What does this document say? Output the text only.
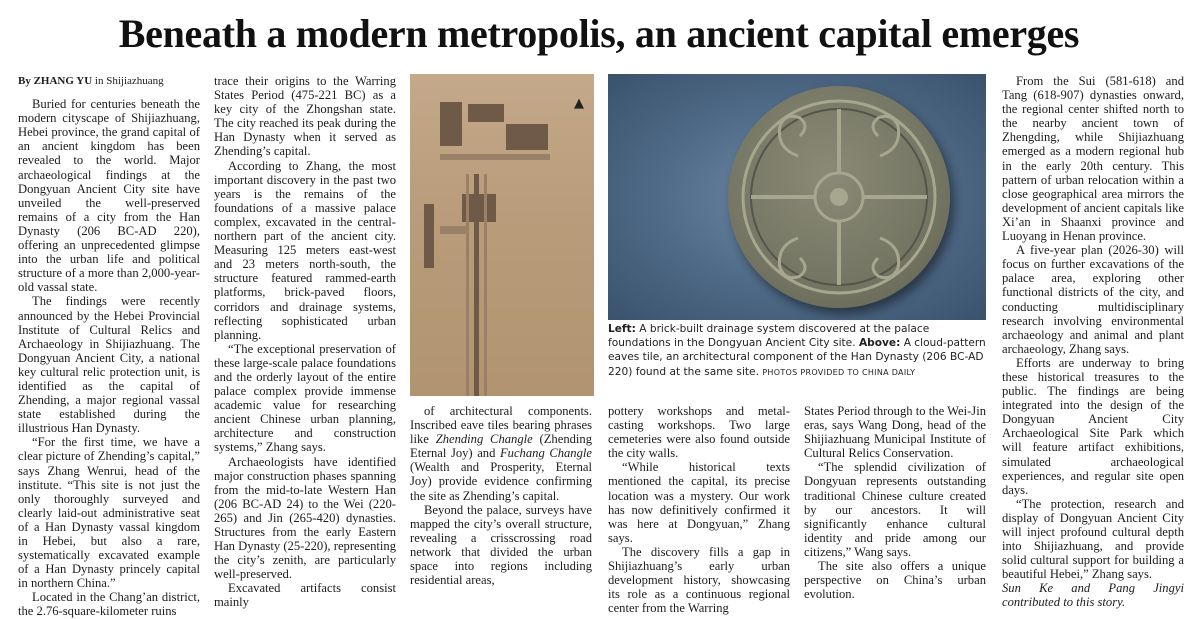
Beneath a modern metropolis, an ancient capital emerges

By ZHANG YU in Shijiazhuang

Buried for centuries beneath the modern cityscape of Shijiazhuang, Hebei province, the grand capital of an ancient kingdom has been revealed to the world. Major archaeological findings at the Dongyuan Ancient City site have unveiled the well-preserved remains of a city from the Han Dynasty (206 BC-AD 220), offering an unprecedented glimpse into the urban life and political structure of a more than 2,000-year-old vassal state.

The findings were recently announced by the Hebei Provincial Institute of Cultural Relics and Archaeology in Shijiazhuang. The Dongyuan Ancient City, a national key cultural relic protection unit, is identified as the capital of Zhending, a major regional vassal state established during the illustrious Han Dynasty.

“For the first time, we have a clear picture of Zhending’s capital,” says Zhang Wenrui, head of the institute. “This site is not just the only thoroughly surveyed and clearly laid-out administrative seat of a Han Dynasty vassal kingdom in Hebei, but also a rare, systematically excavated example of a Han Dynasty princely capital in northern China.”

Located in the Chang’an district, the 2.76-square-kilometer ruins

trace their origins to the Warring States Period (475-221 BC) as a key city of the Zhongshan state. The city reached its peak during the Han Dynasty when it served as Zhending’s capital.

According to Zhang, the most important discovery in the past two years is the remains of the foundations of a massive palace complex, excavated in the central-northern part of the ancient city. Measuring 125 meters east-west and 23 meters north-south, the structure featured rammed-earth platforms, brick-paved floors, corridors and drainage systems, reflecting sophisticated urban planning.

“The exceptional preservation of these large-scale palace foundations and the orderly layout of the entire palace complex provide immense academic value for researching ancient Chinese urban planning, architecture and construction systems,” Zhang says.

Archaeologists have identified major construction phases spanning from the mid-to-late Western Han (206 BC-AD 24) to the Wei (220-265) and Jin (265-420) dynasties. Structures from the early Eastern Han Dynasty (25-220), representing the city’s zenith, are particularly well-preserved.

Excavated artifacts consist mainly

▲
Left: A brick-built drainage system discovered at the palace foundations in the Dongyuan Ancient City site. Above: A cloud-pattern eaves tile, an architectural component of the Han Dynasty (206 BC-AD 220) found at the same site. PHOTOS PROVIDED TO CHINA DAILY

of architectural components. Inscribed eave tiles bearing phrases like Zhending Changle (Zhending Eternal Joy) and Fuchang Changle (Wealth and Prosperity, Eternal Joy) provide evidence confirming the site as Zhending’s capital.

Beyond the palace, surveys have mapped the city’s overall structure, revealing a crisscrossing road network that divided the urban space into regions including residential areas,

pottery workshops and metal-casting workshops. Two large cemeteries were also found outside the city walls.

“While historical texts mentioned the capital, its precise location was a mystery. Our work has now definitively confirmed it was here at Dongyuan,” Zhang says.

The discovery fills a gap in Shijiazhuang’s early urban development history, showcasing its role as a continuous regional center from the Warring

States Period through to the Wei-Jin eras, says Wang Dong, head of the Shijiazhuang Municipal Institute of Cultural Relics Conservation.

“The splendid civilization of Dongyuan represents outstanding traditional Chinese culture created by our ancestors. It will significantly enhance cultural identity and pride among our citizens,” Wang says.

The site also offers a unique perspective on China’s urban evolution.

From the Sui (581-618) and Tang (618-907) dynasties onward, the regional center shifted north to the nearby ancient town of Zhengding, while Shijiazhuang emerged as a modern regional hub in the early 20th century. This pattern of urban relocation within a close geographical area mirrors the development of ancient capitals like Xi’an in Shaanxi province and Luoyang in Henan province.

A five-year plan (2026-30) will focus on further excavations of the palace area, exploring other functional districts of the city, and conducting multidisciplinary research involving environmental archaeology and animal and plant archaeology, Zhang says.

Efforts are underway to bring these historical treasures to the public. The findings are being integrated into the design of the Dongyuan Ancient City Archaeological Site Park which will feature artifact exhibitions, simulated archaeological experiences, and regular site open days.

“The protection, research and display of Dongyuan Ancient City will inject profound cultural depth into Shijiazhuang, and provide solid cultural support for building a beautiful Hebei,” Zhang says.

Sun Ke and Pang Jingyi contributed to this story.
